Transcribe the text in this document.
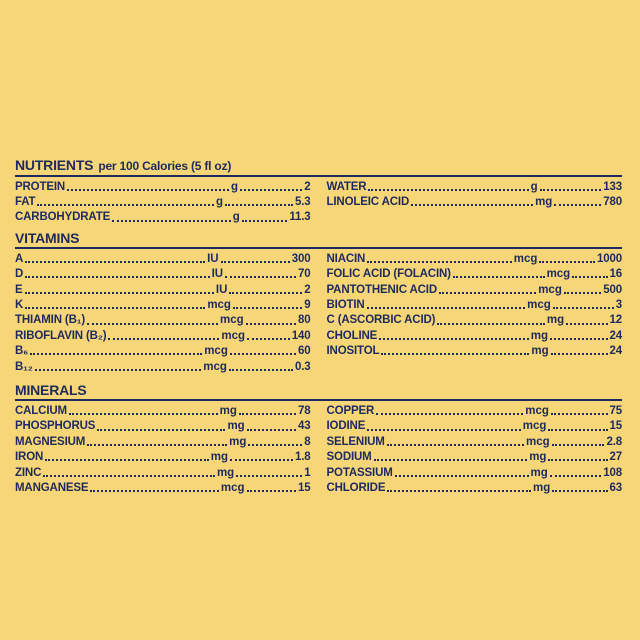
NUTRIENTS per 100 Calories (5 fl oz)
PROTEIN	g	2
FAT	g	5.3
CARBOHYDRATE	g	11.3
WATER	g	133
LINOLEIC ACID	mg	780
VITAMINS
A	IU	300
D	IU	70
E	IU	2
K	mcg	9
THIAMIN (B₁)	mcg	80
RIBOFLAVIN (B₂)	mcg	140
B₆	mcg	60
B₁₂	mcg	0.3
NIACIN	mcg	1000
FOLIC ACID (FOLACIN)	mcg	16
PANTOTHENIC ACID	mcg	500
BIOTIN	mcg	3
C (ASCORBIC ACID)	mg	12
CHOLINE	mg	24
INOSITOL	mg	24
MINERALS
CALCIUM	mg	78
PHOSPHORUS	mg	43
MAGNESIUM	mg	8
IRON	mg	1.8
ZINC	mg	1
MANGANESE	mcg	15
COPPER	mcg	75
IODINE	mcg	15
SELENIUM	mcg	2.8
SODIUM	mg	27
POTASSIUM	mg	108
CHLORIDE	mg	63
